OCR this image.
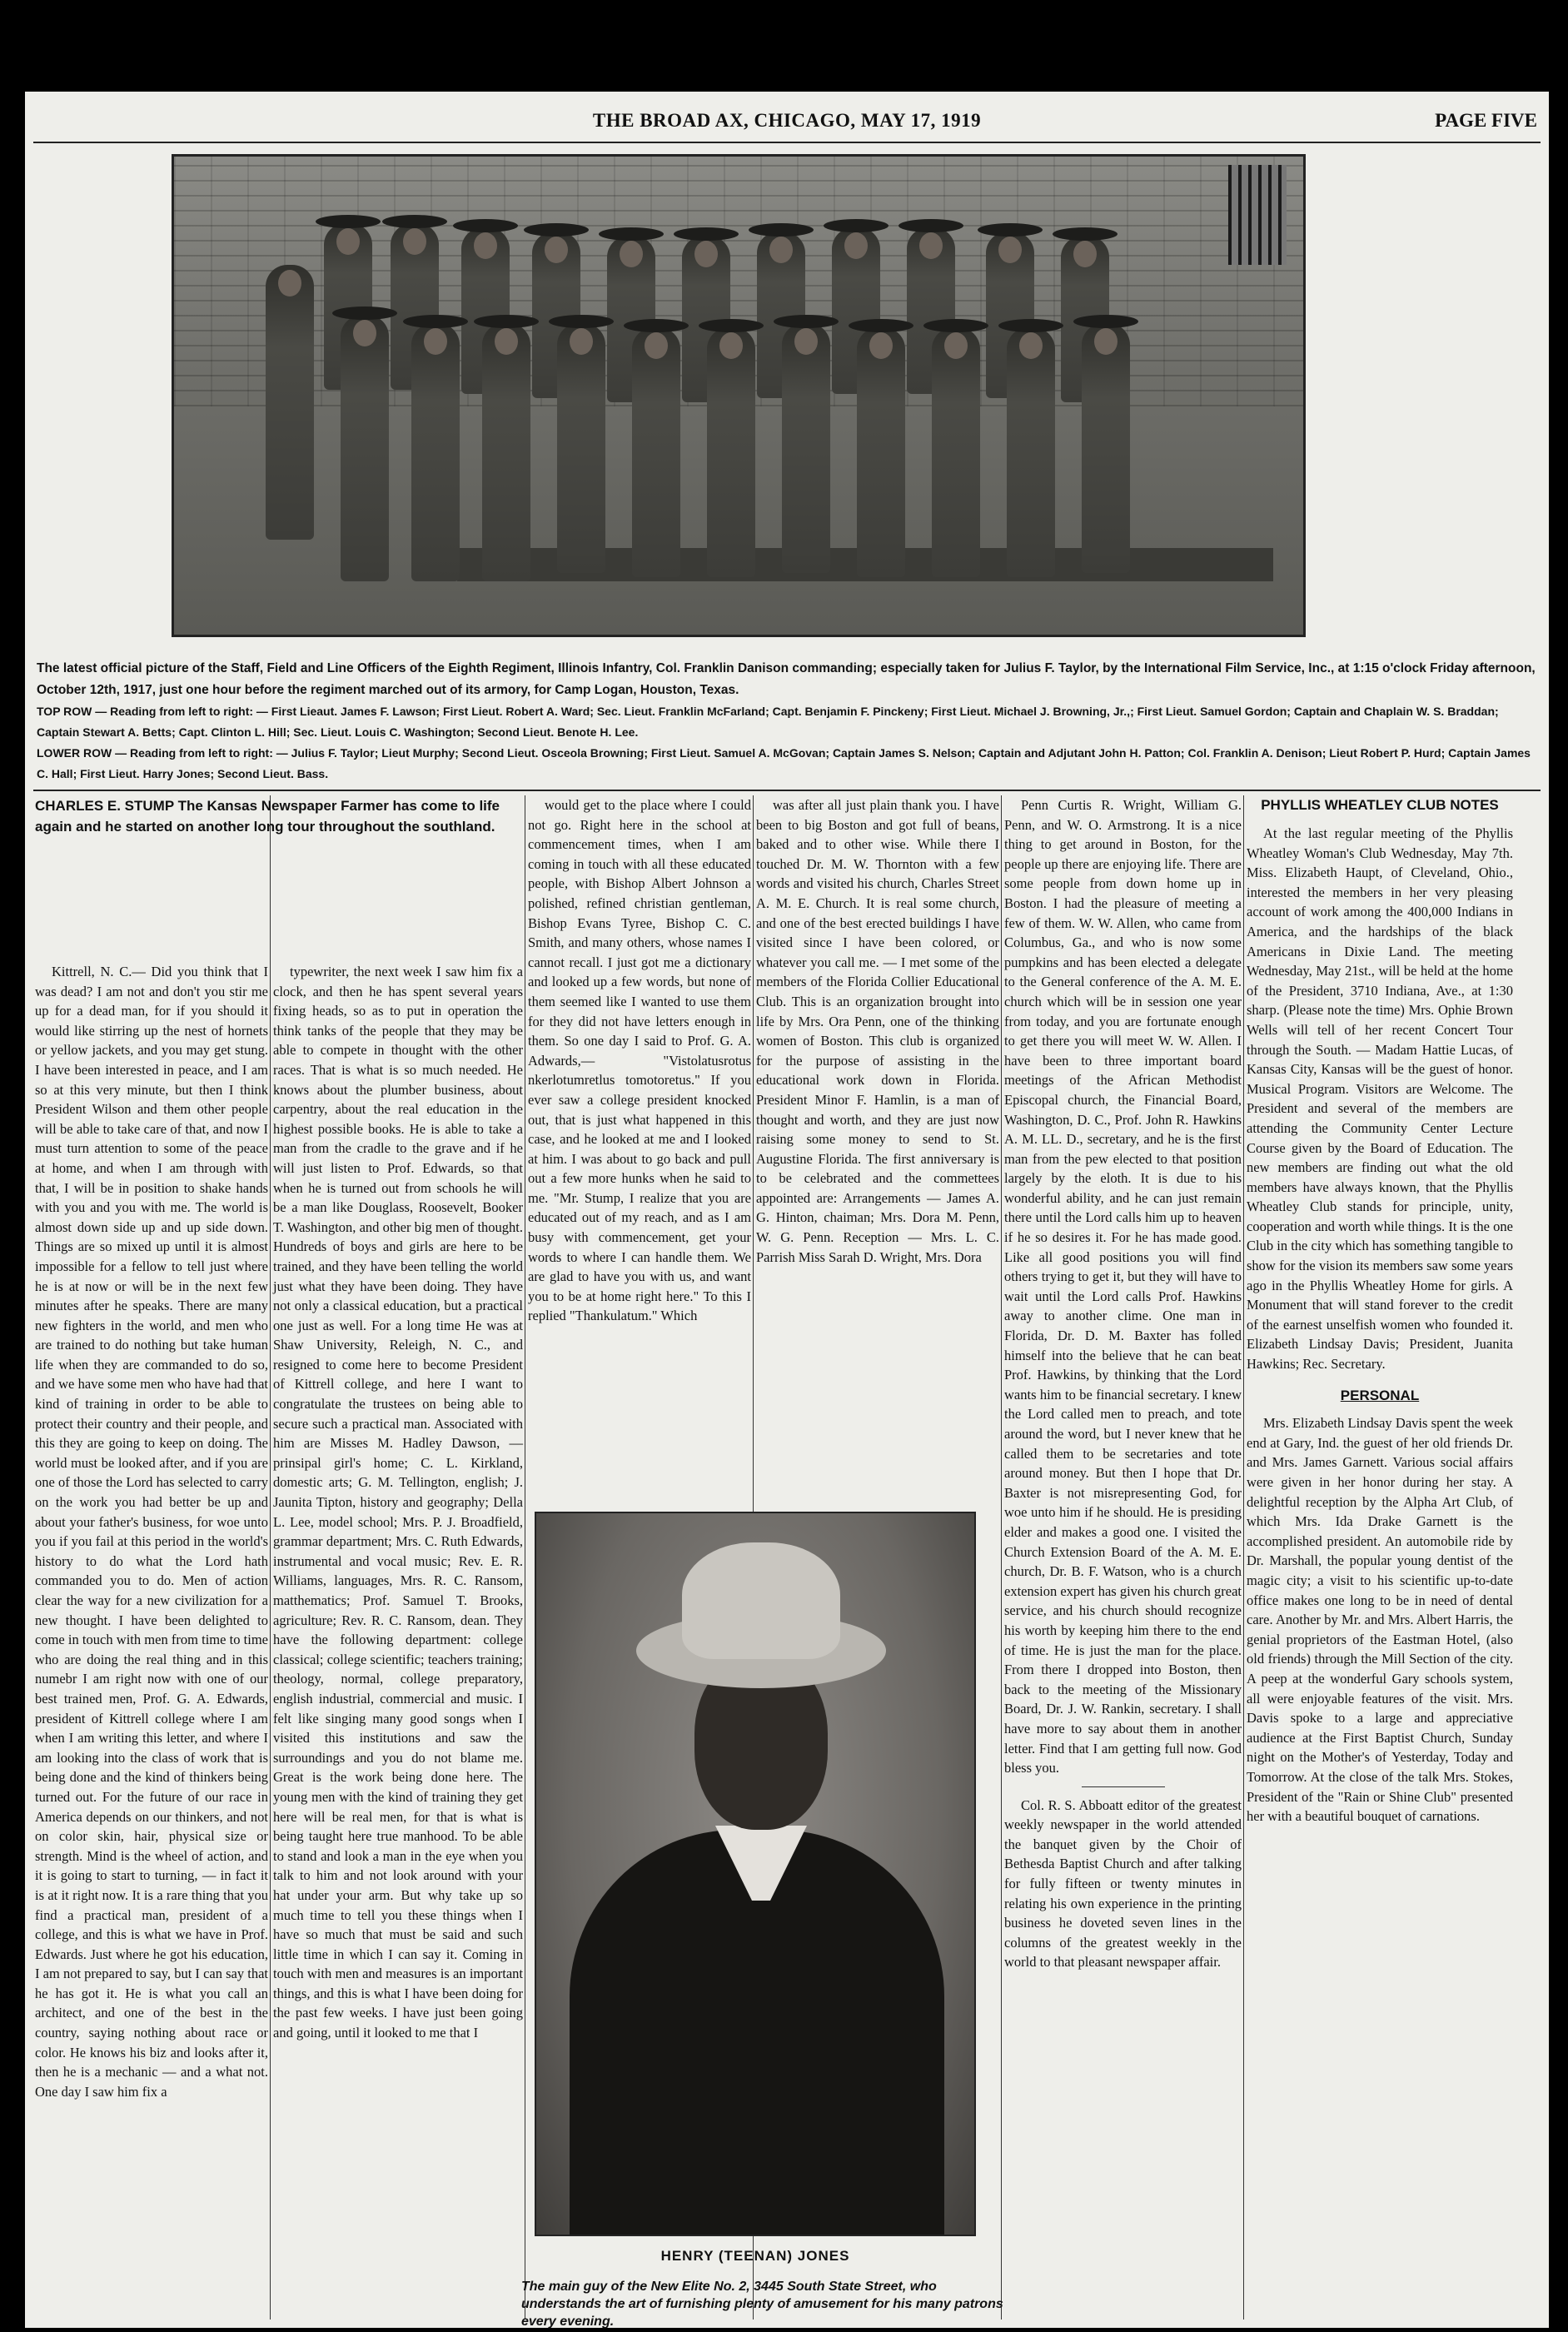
THE BROAD AX, CHICAGO, MAY 17, 1919	PAGE FIVE
The latest official picture of the Staff, Field and Line Officers of the Eighth Regiment, Illinois Infantry, Col. Franklin Danison commanding; especially taken for Julius F. Taylor, by the International Film Service, Inc., at 1:15 o'clock Friday afternoon, October 12th, 1917, just one hour before the regiment marched out of its armory, for Camp Logan, Houston, Texas.
TOP ROW — Reading from left to right: — First Lieaut. James F. Lawson; First Lieut. Robert A. Ward; Sec. Lieut. Franklin McFarland; Capt. Benjamin F. Pinckeny; First Lieut. Michael J. Browning, Jr.,; First Lieut. Samuel Gordon; Captain and Chaplain W. S. Braddan; Captain Stewart A. Betts; Capt. Clinton L. Hill; Sec. Lieut. Louis C. Washington; Second Lieut. Benote H. Lee.
LOWER ROW — Reading from left to right: — Julius F. Taylor; Lieut Murphy; Second Lieut. Osceola Browning; First Lieut. Samuel A. McGovan; Captain James S. Nelson; Captain and Adjutant John H. Patton; Col. Franklin A. Denison; Lieut Robert P. Hurd; Captain James C. Hall; First Lieut. Harry Jones; Second Lieut. Bass.
CHARLES E. STUMP The Kansas Newspaper Farmer has come to life again and he started on another long tour throughout the southland.

Kittrell, N. C.— Did you think that I was dead? I am not and don't you stir me up for a dead man, for if you should it would like stirring up the nest of hornets or yellow jackets, and you may get stung. I have been interested in peace, and I am so at this very minute, but then I think President Wilson and them other people will be able to take care of that, and now I must turn attention to some of the peace at home, and when I am through with that, I will be in position to shake hands with you and you with me. The world is almost down side up and up side down. Things are so mixed up until it is almost impossible for a fellow to tell just where he is at now or will be in the next few minutes after he speaks. There are many new fighters in the world, and men who are trained to do nothing but take human life when they are commanded to do so, and we have some men who have had that kind of training in order to be able to protect their country and their people, and this they are going to keep on doing. The world must be looked after, and if you are one of those the Lord has selected to carry on the work you had better be up and about your father's business, for woe unto you if you fail at this period in the world's history to do what the Lord hath commanded you to do. Men of action clear the way for a new civilization for a new thought. I have been delighted to come in touch with men from time to time who are doing the real thing and in this numebr I am right now with one of our best trained men, Prof. G. A. Edwards, president of Kittrell college where I am when I am writing this letter, and where I am looking into the class of work that is being done and the kind of thinkers being turned out. For the future of our race in America depends on our thinkers, and not on color skin, hair, physical size or strength. Mind is the wheel of action, and it is going to start to turning, — in fact it is at it right now. It is a rare thing that you find a practical man, president of a college, and this is what we have in Prof. Edwards. Just where he got his education, I am not prepared to say, but I can say that he has got it. He is what you call an architect, and one of the best in the country, saying nothing about race or color. He knows his biz and looks after it, then he is a mechanic — and a what not. One day I saw him fix a

typewriter, the next week I saw him fix a clock, and then he has spent several years fixing heads, so as to put in operation the think tanks of the people that they may be able to compete in thought with the other races. That is what is so much needed. He knows about the plumber business, about carpentry, about the real education in the highest possible books. He is able to take a man from the cradle to the grave and if he will just listen to Prof. Edwards, so that when he is turned out from schools he will be a man like Douglass, Roosevelt, Booker T. Washington, and other big men of thought. Hundreds of boys and girls are here to be trained, and they have been telling the world just what they have been doing. They have not only a classical education, but a practical one just as well. For a long time He was at Shaw University, Releigh, N. C., and resigned to come here to become President of Kittrell college, and here I want to congratulate the trustees on being able to secure such a practical man. Associated with him are Misses M. Hadley Dawson, — prinsipal girl's home; C. L. Kirkland, domestic arts; G. M. Tellington, english; J. Jaunita Tipton, history and geography; Della L. Lee, model school; Mrs. P. J. Broadfield, grammar department; Mrs. C. Ruth Edwards, instrumental and vocal music; Rev. E. R. Williams, languages, Mrs. R. C. Ransom, matthematics; Prof. Samuel T. Brooks, agriculture; Rev. R. C. Ransom, dean. They have the following department: college classical; college scientific; teachers training; theology, normal, college preparatory, english industrial, commercial and music. I felt like singing many good songs when I visited this institutions and saw the surroundings and you do not blame me. Great is the work being done here. The young men with the kind of training they get here will be real men, for that is what is being taught here true manhood. To be able to stand and look a man in the eye when you talk to him and not look around with your hat under your arm. But why take up so much time to tell you these things when I have so much that must be said and such little time in which I can say it. Coming in touch with men and measures is an important things, and this is what I have been doing for the past few weeks. I have just been going and going, until it looked to me that I

would get to the place where I could not go. Right here in the school at commencement times, when I am coming in touch with all these educated people, with Bishop Albert Johnson a polished, refined christian gentleman, Bishop Evans Tyree, Bishop C. C. Smith, and many others, whose names I cannot recall. I just got me a dictionary and looked up a few words, but none of them seemed like I wanted to use them for they did not have letters enough in them. So one day I said to Prof. G. A. Adwards,— "Vistolatusrotus nkerlotumretlus tomotoretus." If you ever saw a college president knocked out, that is just what happened in this case, and he looked at me and I looked at him. I was about to go back and pull out a few more hunks when he said to me. "Mr. Stump, I realize that you are educated out of my reach, and as I am busy with commencement, get your words to where I can handle them. We are glad to have you with us, and want you to be at home right here." To this I replied "Thankulatum." Which

was after all just plain thank you. I have been to big Boston and got full of beans, baked and to other wise. While there I touched Dr. M. W. Thornton with a few words and visited his church, Charles Street A. M. E. Church. It is real some church, and one of the best erected buildings I have visited since I have been colored, or whatever you call me. — I met some of the members of the Florida Collier Educational Club. This is an organization brought into life by Mrs. Ora Penn, one of the thinking women of Boston. This club is organized for the purpose of assisting in the educational work down in Florida. President Minor F. Hamlin, is a man of thought and worth, and they are just now raising some money to send to St. Augustine Florida. The first anniversary is to be celebrated and the commettees appointed are: Arrangements — James A. G. Hinton, chaiman; Mrs. Dora M. Penn, W. G. Penn. Reception — Mrs. L. C. Parrish Miss Sarah D. Wright, Mrs. Dora

Penn Curtis R. Wright, William G. Penn, and W. O. Armstrong. It is a nice thing to get around in Boston, for the people up there are enjoying life. There are some people from down home up in Boston. I had the pleasure of meeting a few of them. W. W. Allen, who came from Columbus, Ga., and who is now some pumpkins and has been elected a delegate to the General conference of the A. M. E. church which will be in session one year from today, and you are fortunate enough to get there you will meet W. W. Allen. I have been to three important board meetings of the African Methodist Episcopal church, the Financial Board, Washington, D. C., Prof. John R. Hawkins A. M. LL. D., secretary, and he is the first man from the pew elected to that position largely by the eloth. It is due to his wonderful ability, and he can just remain there until the Lord calls him up to heaven if he so desires it. For he has made good. Like all good positions you will find others trying to get it, but they will have to wait until the Lord calls Prof. Hawkins away to another clime. One man in Florida, Dr. D. M. Baxter has folled himself into the believe that he can beat Prof. Hawkins, by thinking that the Lord wants him to be financial secretary. I knew the Lord called men to preach, and tote around the word, but I never knew that he called them to be secretaries and tote around money. But then I hope that Dr. Baxter is not misrepresenting God, for woe unto him if he should. He is presiding elder and makes a good one. I visited the Church Extension Board of the A. M. E. church, Dr. B. F. Watson, who is a church extension expert has given his church great service, and his church should recognize his worth by keeping him there to the end of time. He is just the man for the place. From there I dropped into Boston, then back to the meeting of the Missionary Board, Dr. J. W. Rankin, secretary. I shall have more to say about them in another letter. Find that I am getting full now. God bless you.

Col. R. S. Abboatt editor of the greatest weekly newspaper in the world attended the banquet given by the Choir of Bethesda Baptist Church and after talking for fully fifteen or twenty minutes in relating his own experience in the printing business he doveted seven lines in the columns of the greatest weekly in the world to that pleasant newspaper affair.

PHYLLIS WHEATLEY CLUB NOTES

At the last regular meeting of the Phyllis Wheatley Woman's Club Wednesday, May 7th. Miss. Elizabeth Haupt, of Cleveland, Ohio., interested the members in her very pleasing account of work among the 400,000 Indians in America, and the hardships of the black Americans in Dixie Land. The meeting Wednesday, May 21st., will be held at the home of the President, 3710 Indiana, Ave., at 1:30 sharp. (Please note the time) Mrs. Ophie Brown Wells will tell of her recent Concert Tour through the South. — Madam Hattie Lucas, of Kansas City, Kansas will be the guest of honor. Musical Program. Visitors are Welcome. The President and several of the members are attending the Community Center Lecture Course given by the Board of Education. The new members are finding out what the old members have always known, that the Phyllis Wheatley Club stands for principle, unity, cooperation and worth while things. It is the one Club in the city which has something tangible to show for the vision its members saw some years ago in the Phyllis Wheatley Home for girls. A Monument that will stand forever to the credit of the earnest unselfish women who founded it. Elizabeth Lindsay Davis; President, Juanita Hawkins; Rec. Secretary.

PERSONAL

Mrs. Elizabeth Lindsay Davis spent the week end at Gary, Ind. the guest of her old friends Dr. and Mrs. James Garnett. Various social affairs were given in her honor during her stay. A delightful reception by the Alpha Art Club, of which Mrs. Ida Drake Garnett is the accomplished president. An automobile ride by Dr. Marshall, the popular young dentist of the magic city; a visit to his scientific up-to-date office makes one long to be in need of dental care. Another by Mr. and Mrs. Albert Harris, the genial proprietors of the Eastman Hotel, (also old friends) through the Mill Section of the city. A peep at the wonderful Gary schools system, all were enjoyable features of the visit. Mrs. Davis spoke to a large and appreciative audience at the First Baptist Church, Sunday night on the Mother's of Yesterday, Today and Tomorrow. At the close of the talk Mrs. Stokes, President of the "Rain or Shine Club" presented her with a beautiful bouquet of carnations.

HENRY (TEENAN) JONES
The main guy of the New Elite No. 2, 3445 South State Street, who understands the art of furnishing plenty of amusement for his many patrons every evening.
